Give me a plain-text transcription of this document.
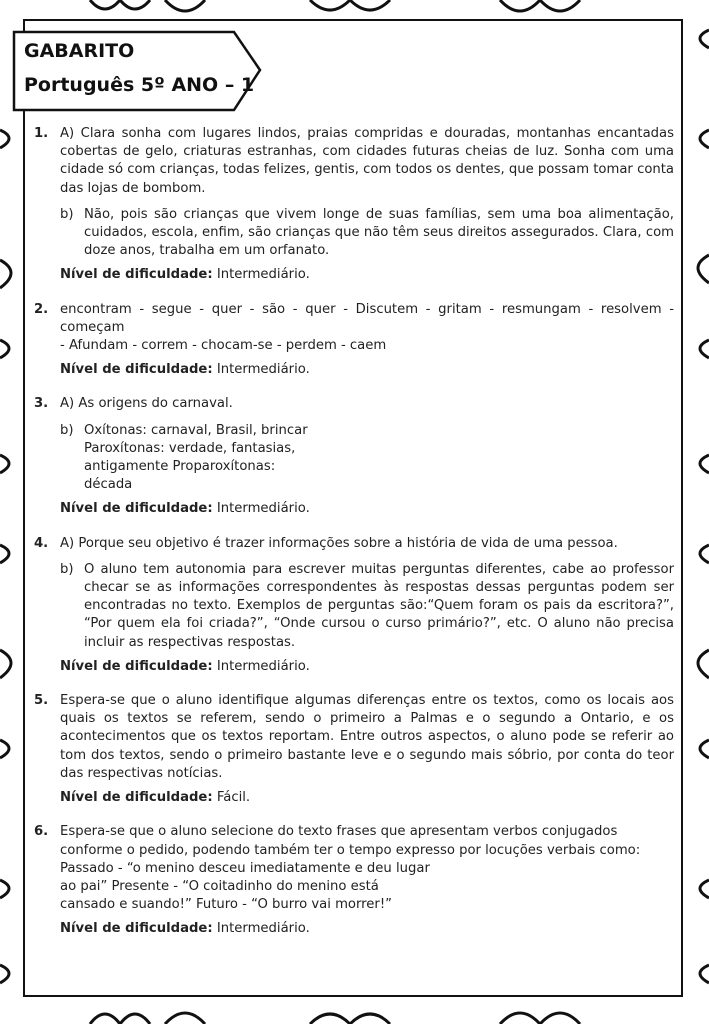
GABARITO
Português 5º ANO – 1
1. A) Clara sonha com lugares lindos, praias compridas e douradas, montanhas encantadas cobertas de gelo, criaturas estranhas, com cidades futuras cheias de luz. Sonha com uma cidade só com crianças, todas felizes, gentis, com todos os dentes, que possam tomar conta das lojas de bombom.

b) Não, pois são crianças que vivem longe de suas famílias, sem uma boa alimentação, cuidados, escola, enfim, são crianças que não têm seus direitos assegurados. Clara, com doze anos, trabalha em um orfanato.

Nível de dificuldade: Intermediário.
2. encontram - segue - quer - são - quer - Discutem - gritam - resmungam - resolvem - começam

- Afundam - correm - chocam-se - perdem - caem

Nível de dificuldade: Intermediário.
3. A) As origens do carnaval.

b) Oxítonas: carnaval, Brasil, brincar
Paroxítonas: verdade, fantasias,
antigamente Proparoxítonas:
década
Nível de dificuldade: Intermediário.
4. A) Porque seu objetivo é trazer informações sobre a história de vida de uma pessoa.

b) O aluno tem autonomia para escrever muitas perguntas diferentes, cabe ao professor checar se as informações correspondentes às respostas dessas perguntas podem ser encontradas no texto. Exemplos de perguntas são:“Quem foram os pais da escritora?”, “Por quem ela foi criada?”, “Onde cursou o curso primário?”, etc. O aluno não precisa incluir as respectivas respostas.

Nível de dificuldade: Intermediário.
5. Espera-se que o aluno identifique algumas diferenças entre os textos, como os locais aos quais os textos se referem, sendo o primeiro a Palmas e o segundo a Ontario, e os acontecimentos que os textos reportam. Entre outros aspectos, o aluno pode se referir ao tom dos textos, sendo o primeiro bastante leve e o segundo mais sóbrio, por conta do teor das respectivas notícias.

Nível de dificuldade: Fácil.
6. Espera-se que o aluno selecione do texto frases que apresentam verbos conjugados
conforme o pedido, podendo também ter o tempo expresso por locuções verbais como:
Passado - “o menino desceu imediatamente e deu lugar
ao pai” Presente - “O coitadinho do menino está
cansado e suando!” Futuro - “O burro vai morrer!”
Nível de dificuldade: Intermediário.
